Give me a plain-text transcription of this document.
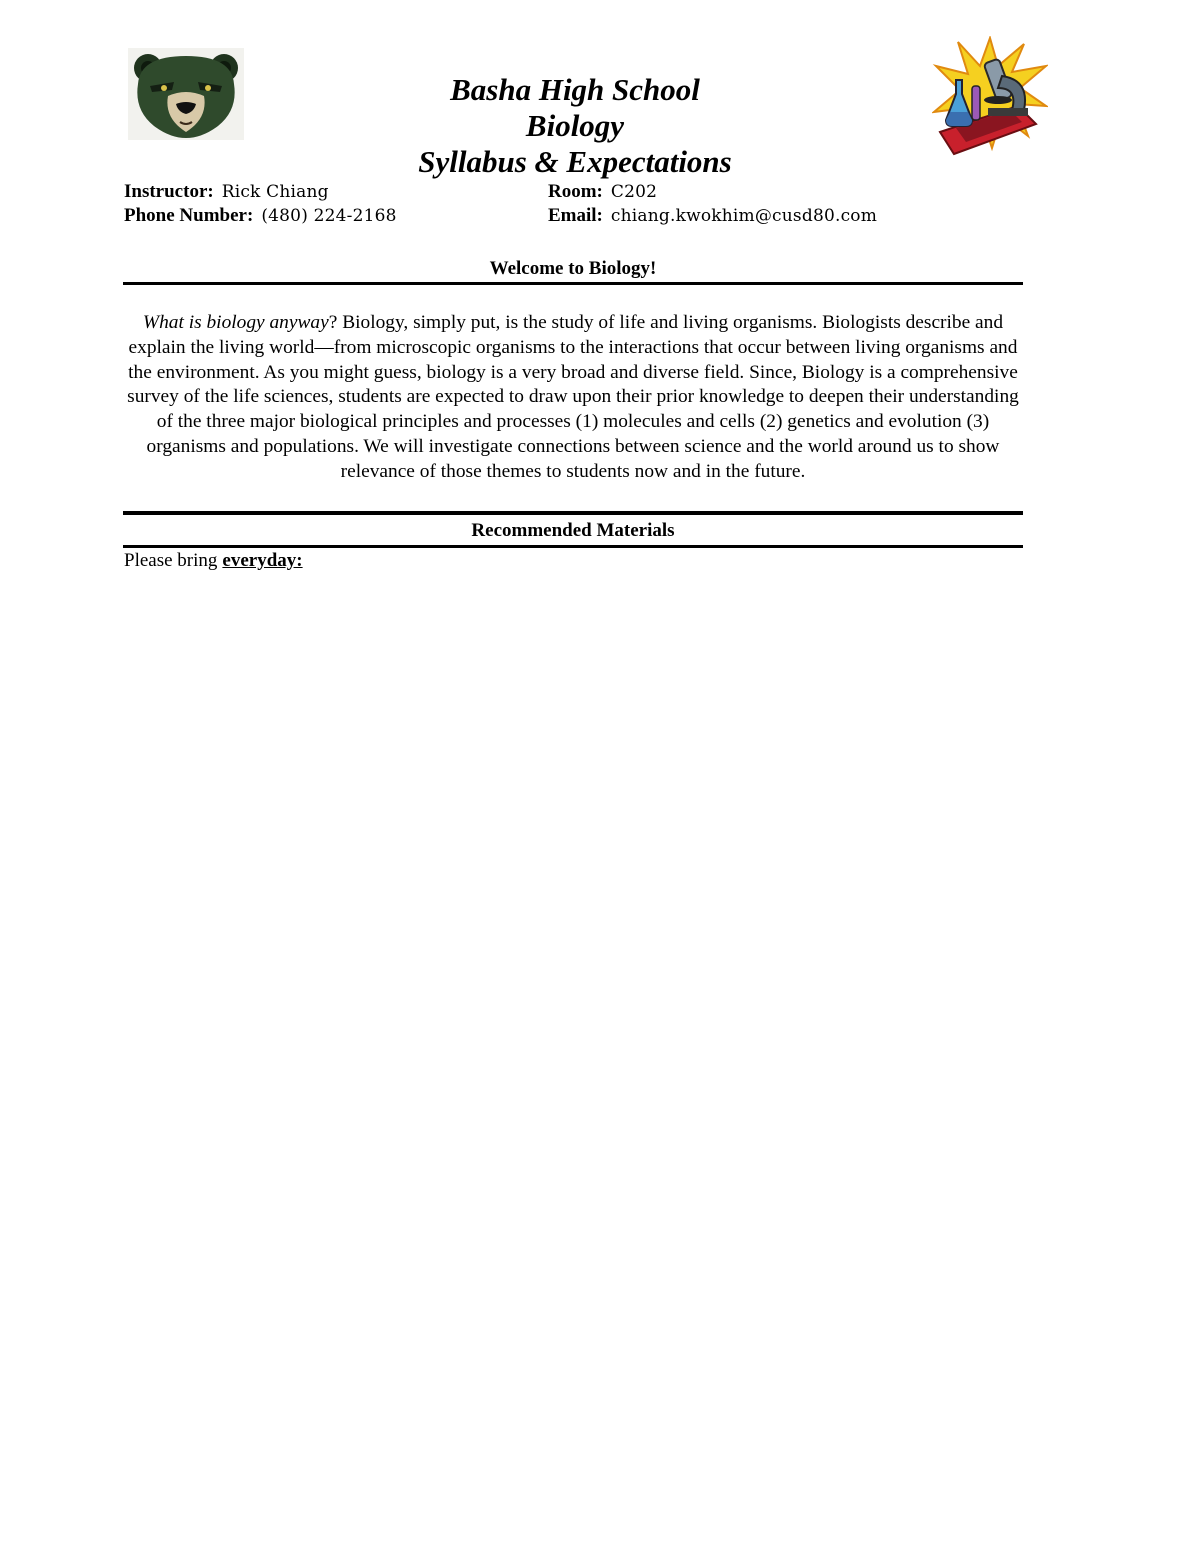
Basha High School
Biology
Syllabus & Expectations
Instructor: Rick Chiang	Room: C202
Phone Number: (480) 224-2168	Email: chiang.kwokhim@cusd80.com
Welcome to Biology!
What is biology anyway? Biology, simply put, is the study of life and living organisms. Biologists describe and explain the living world—from microscopic organisms to the interactions that occur between living organisms and the environment. As you might guess, biology is a very broad and diverse field. Since, Biology is a comprehensive survey of the life sciences, students are expected to draw upon their prior knowledge to deepen their understanding of the three major biological principles and processes (1) molecules and cells (2) genetics and evolution (3) organisms and populations. We will investigate connections between science and the world around us to show relevance of those themes to students now and in the future.
Recommended Materials
Please bring everyday:
